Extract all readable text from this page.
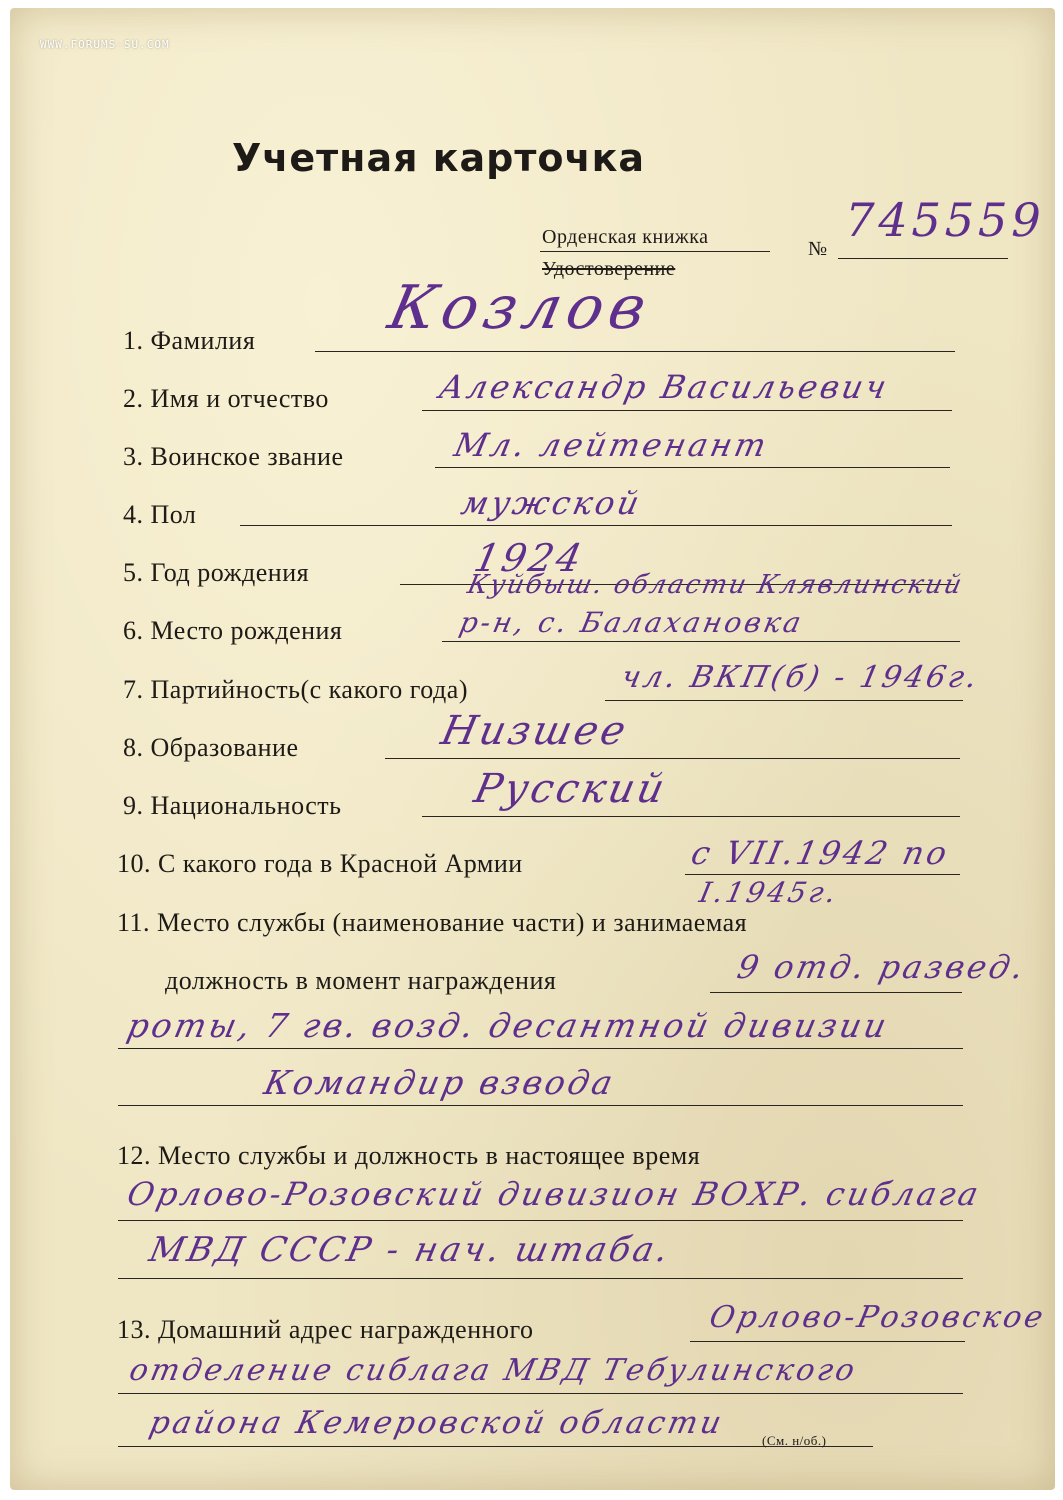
WWW.FORUMS-SU.COM
Учетная карточка
Орденская книжка
Удостоверение
№
745559
1. Фамилия Козлов
2. Имя и отчество	Александр Васильевич
3. Воинское звание	Мл. лейтенант
4. Пол	мужской
5. Год рождения	1924
Куйбыш. области Клявлинский
6. Место рождения	р-н, с. Балахановка
7. Партийность(с какого года)	чл. ВКП(б) - 1946г.
8. Образование	Низшее
9. Национальность	Русский
10. С какого года в Красной Армии	с VII.1942 по
I.1945г.
11. Место службы (наименование части) и занимаемая
должность в момент награждения	9 отд. развед.
роты, 7 гв. возд. десантной дивизии
Командир взвода
12. Место службы и должность в настоящее время
Орлово-Розовский дивизион ВОХР. сиблага
МВД СССР - нач. штаба.
13. Домашний адрес награжденного	Орлово-Розовское
отделение сиблага МВД Тебулинского
района Кемеровской области	(См. н/об.)
